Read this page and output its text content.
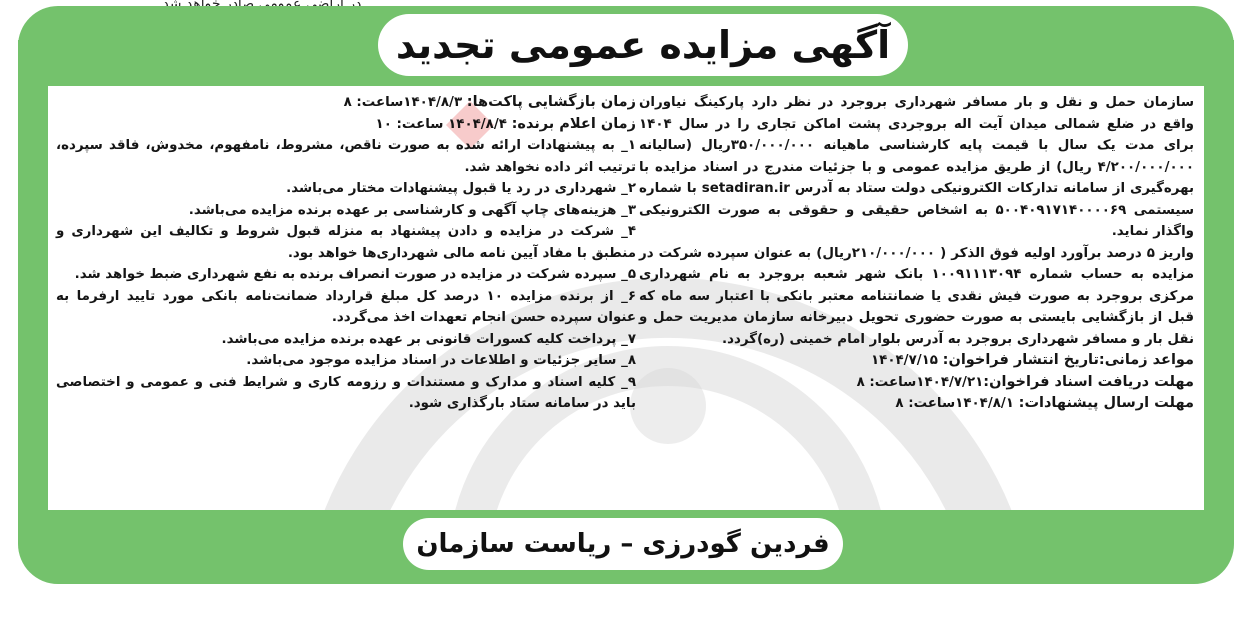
آگهی مزایده عمومی تجدید

سازمان حمل و نقل و بار مسافر شهرداری بروجرد در نظر دارد پارکینگ نیاوران واقع در ضلع شمالی میدان آیت اله بروجردی پشت اماکن تجاری را در سال ۱۴۰۴ برای مدت یک سال با قیمت پایه کارشناسی ماهیانه ۳۵۰/۰۰۰/۰۰۰ریال (سالیانه ۴/۲۰۰/۰۰۰/۰۰۰ ریال) از طریق مزایده عمومی و با جزئیات مندرج در اسناد مزایده با بهره‌گیری از سامانه تدارکات الکترونیکی دولت ستاد به آدرس setadiran.ir با شماره سیستمی ۵۰۰۴۰۹۱۷۱۴۰۰۰۰۶۹ به اشخاص حقیقی و حقوقی به صورت الکترونیکی واگذار نماید.

واریز ۵ درصد برآورد اولیه فوق الذکر ( ۲۱۰/۰۰۰/۰۰۰ریال) به عنوان سپرده شرکت در مزایده به حساب شماره ۱۰۰۹۱۱۱۳۰۹۴ بانک شهر شعبه بروجرد به نام شهرداری مرکزی بروجرد به صورت فیش نقدی یا ضمانتنامه معتبر بانکی با اعتبار سه ماه که قبل از بازگشایی بایستی به صورت حضوری تحویل دبیرخانه سازمان مدیریت حمل و نقل بار و مسافر شهرداری بروجرد به آدرس بلوار امام خمینی (ره)گردد.

مواعد زمانی:تاریخ انتشار فراخوان: ۱۴۰۴/۷/۱۵

مهلت دریافت اسناد فراخوان:۱۴۰۴/۷/۲۱ساعت: ۸

مهلت ارسال پیشنهادات: ۱۴۰۴/۸/۱ساعت: ۸

زمان بازگشایی پاکت‌ها: ۱۴۰۴/۸/۳ساعت: ۸

زمان اعلام برنده: ۱۴۰۴/۸/۴ ساعت: ۱۰

۱_ به پیشنهادات ارائه شده به صورت ناقص، مشروط، نامفهوم، مخدوش، فاقد سپرده، ترتیب اثر داده نخواهد شد.

۲_ شهرداری در رد یا قبول پیشنهادات مختار می‌باشد.

۳_ هزینه‌های چاپ آگهی و کارشناسی بر عهده برنده مزایده می‌باشد.

۴_ شرکت در مزایده و دادن پیشنهاد به منزله قبول شروط و تکالیف این شهرداری و منطبق با مفاد آیین نامه مالی شهرداری‌ها خواهد بود.

۵_ سپرده شرکت در مزایده در صورت انصراف برنده به نفع شهرداری ضبط خواهد شد.

۶_ از برنده مزایده ۱۰ درصد کل مبلغ قرارداد ضمانت‌نامه بانکی مورد تایید ارفرما به عنوان سپرده حسن انجام تعهدات اخذ می‌گردد.

۷_ پرداخت کلیه کسورات قانونی بر عهده برنده مزایده می‌باشد.

۸_ سایر جزئیات و اطلاعات در اسناد مزایده موجود می‌باشد.

۹_ کلیه اسناد و مدارک و مستندات و رزومه کاری و شرایط فنی و عمومی و اختصاصی باید در سامانه ستاد بارگذاری شود.

فردین گودرزی – ریاست سازمان
